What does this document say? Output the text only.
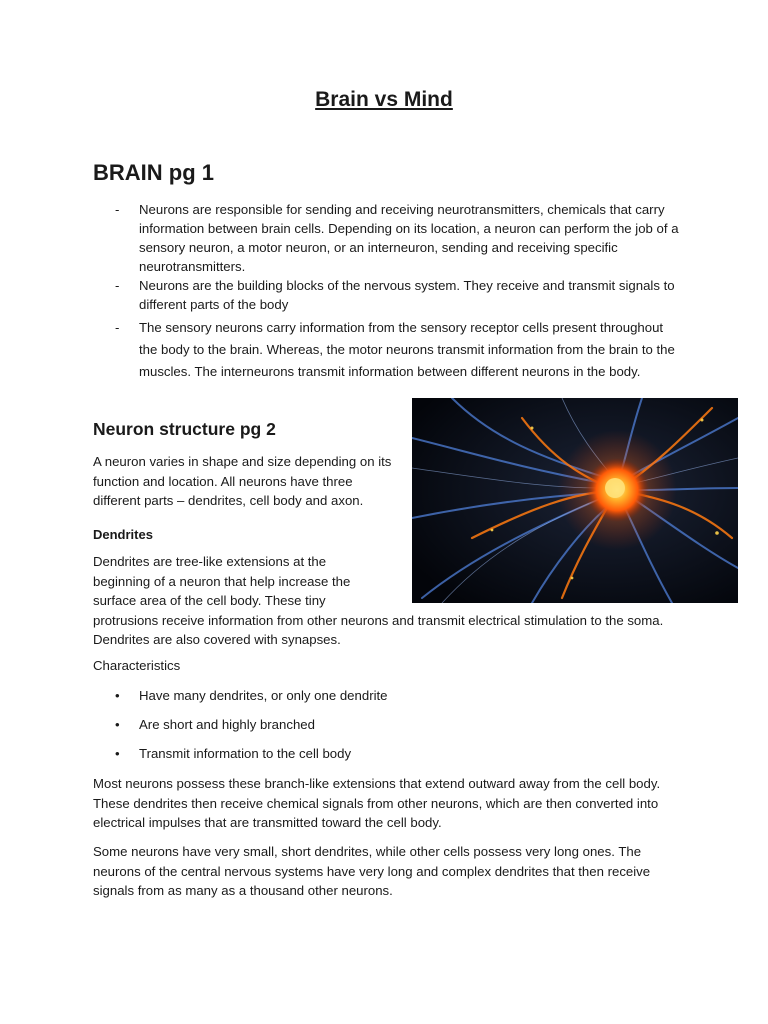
Brain vs Mind
BRAIN pg 1
- Neurons are responsible for sending and receiving neurotransmitters, chemicals that carry information between brain cells. Depending on its location, a neuron can perform the job of a sensory neuron, a motor neuron, or an interneuron, sending and receiving specific neurotransmitters.
- Neurons are the building blocks of the nervous system. They receive and transmit signals to different parts of the body
- The sensory neurons carry information from the sensory receptor cells present throughout the body to the brain. Whereas, the motor neurons transmit information from the brain to the muscles. The interneurons transmit information between different neurons in the body.
Neuron structure pg 2

A neuron varies in shape and size depending on its function and location. All neurons have three different parts – dendrites, cell body and axon.

Dendrites

Dendrites are tree-like extensions at the beginning of a neuron that help increase the surface area of the cell body. These tiny protrusions receive information from other neurons and transmit electrical stimulation to the soma. Dendrites are also covered with synapses.

Characteristics

• Have many dendrites, or only one dendrite
• Are short and highly branched
• Transmit information to the cell body

Most neurons possess these branch-like extensions that extend outward away from the cell body. These dendrites then receive chemical signals from other neurons, which are then converted into electrical impulses that are transmitted toward the cell body.

Some neurons have very small, short dendrites, while other cells possess very long ones. The neurons of the central nervous systems have very long and complex dendrites that then receive signals from as many as a thousand other neurons.
